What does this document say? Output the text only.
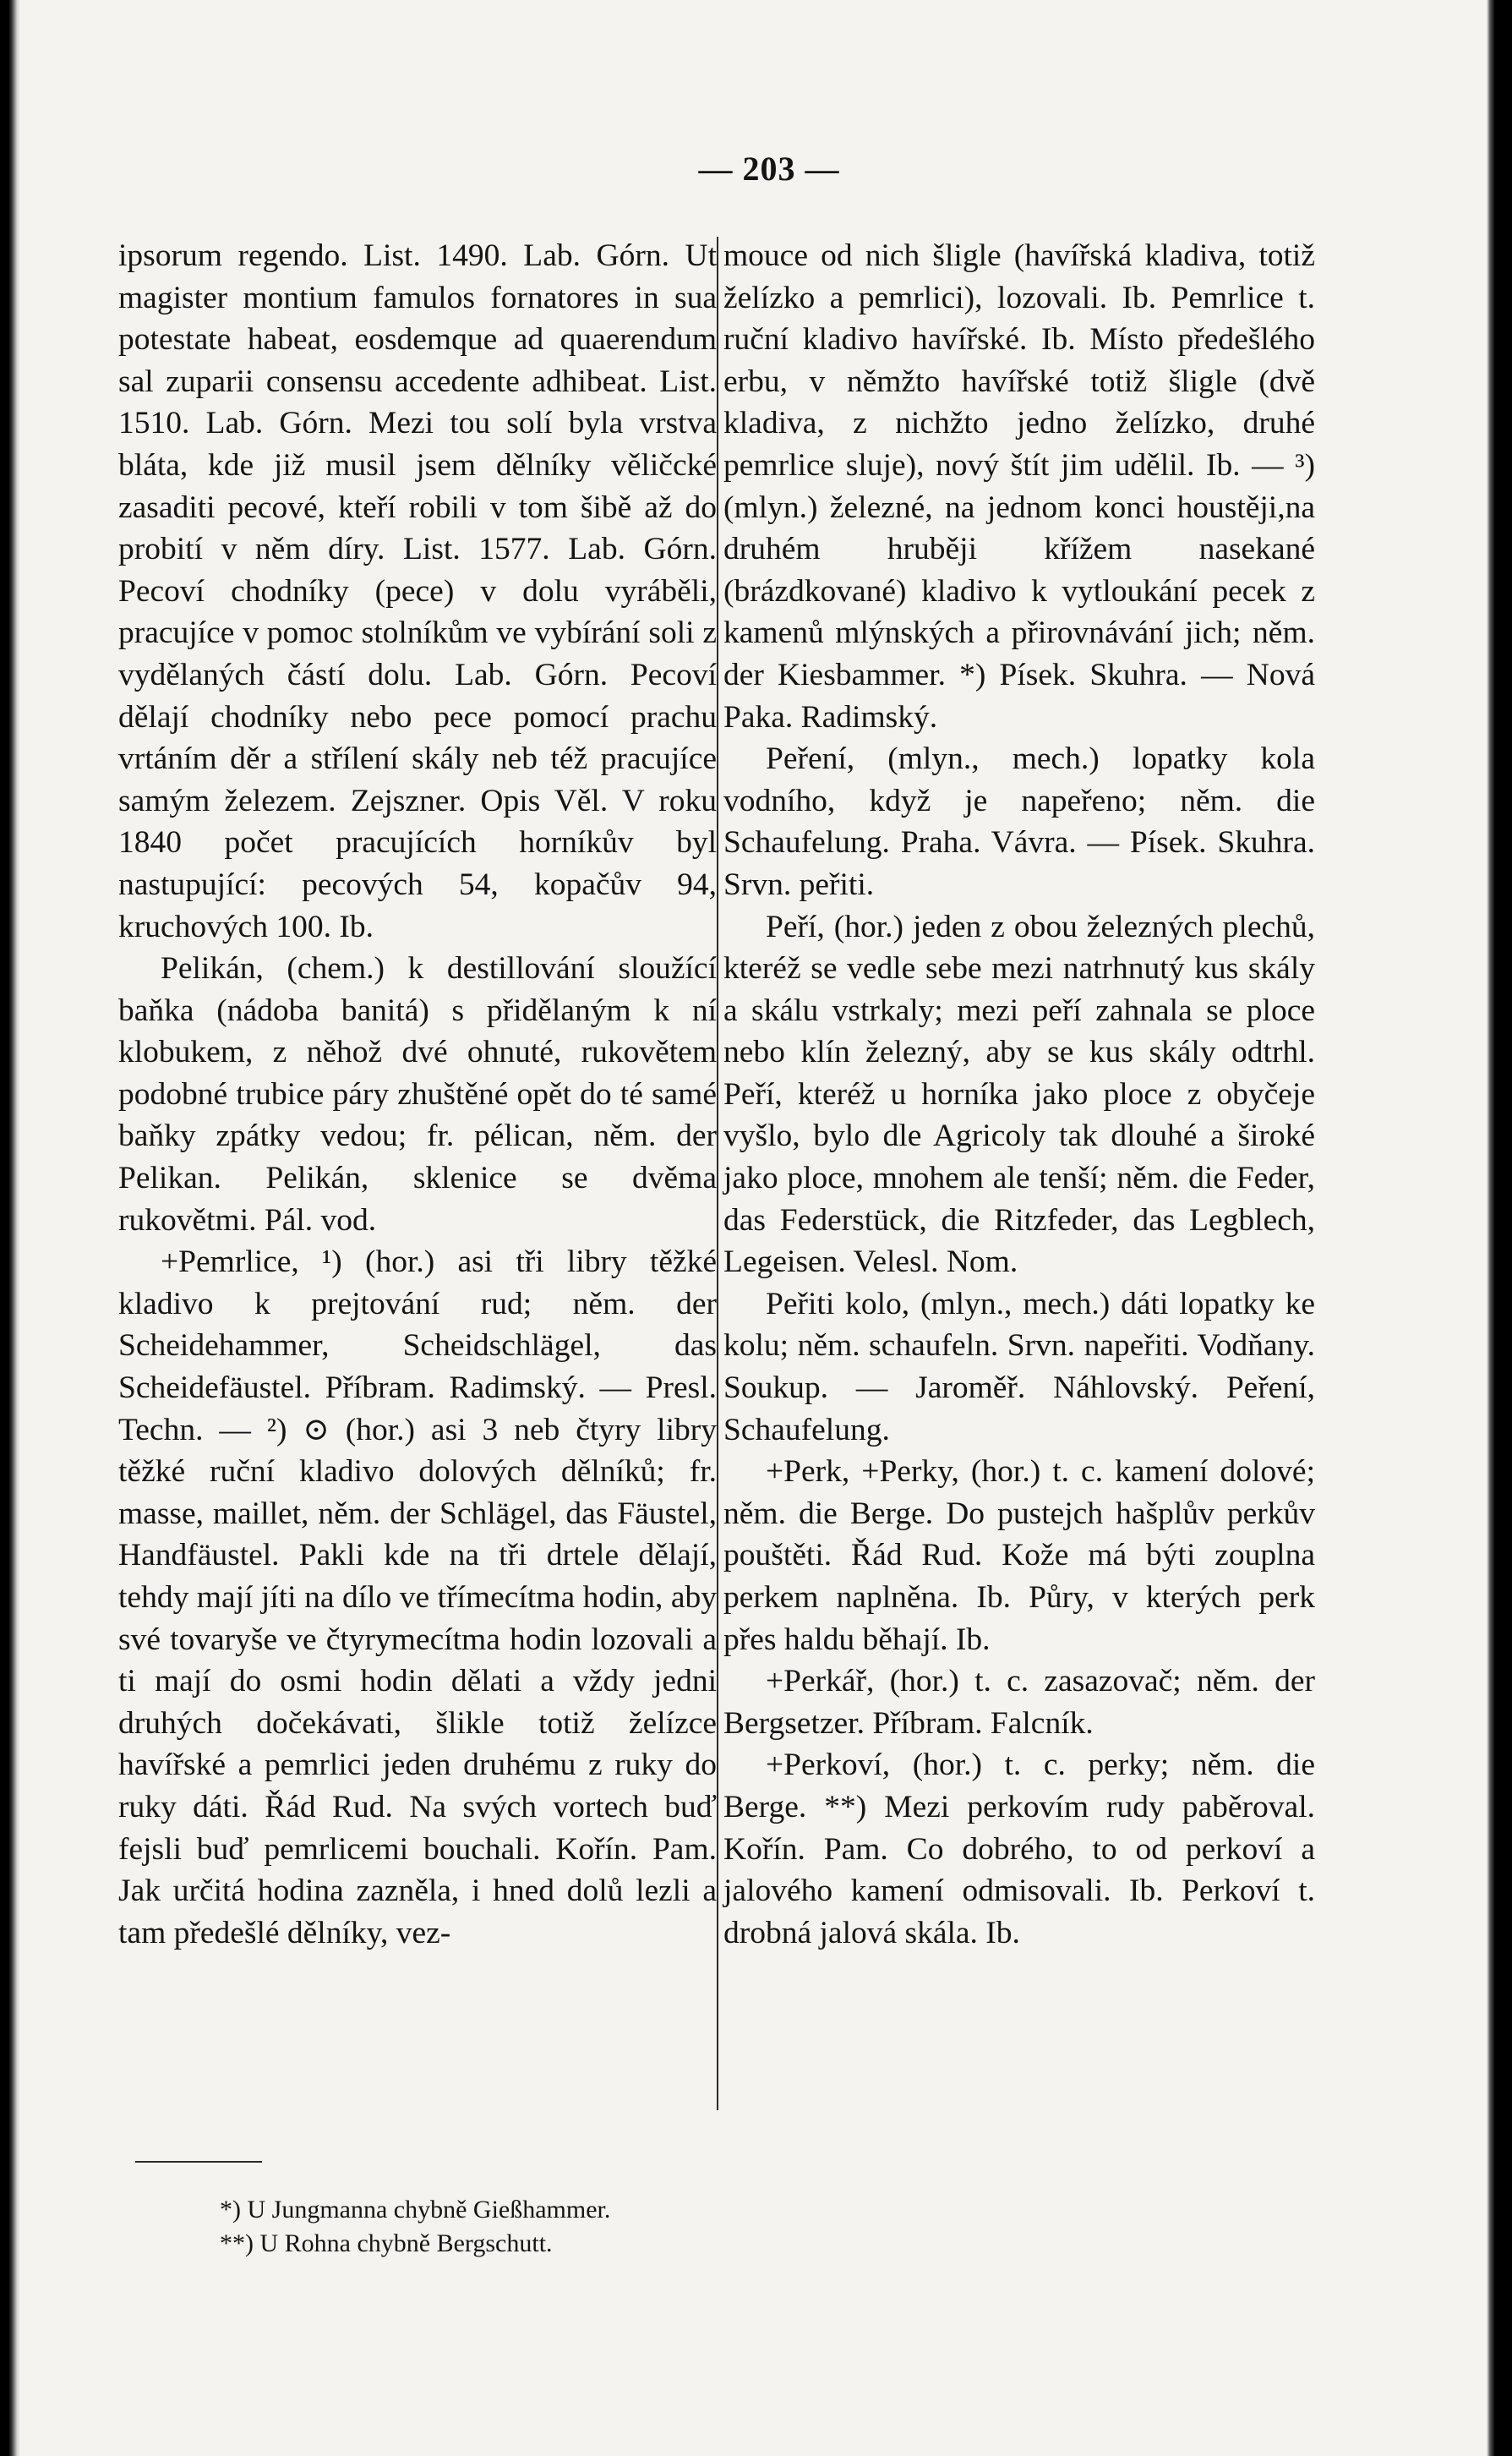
— 203 —

ipsorum regendo. List. 1490. Lab. Górn. Ut magister montium famulos fornatores in sua potestate habeat, eosdemque ad quaerendum sal zuparii consensu accedente adhibeat. List. 1510. Lab. Górn. Mezi tou solí byla vrstva bláta, kde již musil jsem dělníky věličcké zasaditi pecové, kteří robili v tom šibě až do probití v něm díry. List. 1577. Lab. Górn. Pecoví chodníky (pece) v dolu vyráběli, pracujíce v pomoc stolníkům ve vybírání soli z vydělaných částí dolu. Lab. Górn. Pecoví dělají chodníky nebo pece pomocí prachu vrtáním děr a střílení skály neb též pracujíce samým železem. Zejszner. Opis Věl. V roku 1840 počet pracujících horníkův byl nastupující: pecových 54, kopačův 94, kruchových 100. Ib.

Pelikán, (chem.) k destillování sloužící baňka (nádoba banitá) s přidělaným k ní klobukem, z něhož dvé ohnuté, rukovětem podobné trubice páry zhuštěné opět do té samé baňky zpátky vedou; fr. pélican, něm. der Pelikan. Pelikán, sklenice se dvěma rukovětmi. Pál. vod.

+Pemrlice, ¹) (hor.) asi tři libry těžké kladivo k prejtování rud; něm. der Scheidehammer, Scheidschlägel, das Scheidefäustel. Příbram. Radimský. — Presl. Techn. — ²) ⊙ (hor.) asi 3 neb čtyry libry těžké ruční kladivo dolových dělníků; fr. masse, maillet, něm. der Schlägel, das Fäustel, Handfäustel. Pakli kde na tři drtele dělají, tehdy mají jíti na dílo ve třímecítma hodin, aby své tovaryše ve čtyrymecítma hodin lozovali a ti mají do osmi hodin dělati a vždy jedni druhých dočekávati, šlikle totiž želízce havířské a pemrlici jeden druhému z ruky do ruky dáti. Řád Rud. Na svých vortech buď fejsli buď pemrlicemi bouchali. Kořín. Pam. Jak určitá hodina zazněla, i hned dolů lezli a tam předešlé dělníky, vez-

mouce od nich šligle (havířská kladiva, totiž želízko a pemrlici), lozovali. Ib. Pemrlice t. ruční kladivo havířské. Ib. Místo předešlého erbu, v němžto havířské totiž šligle (dvě kladiva, z nichžto jedno želízko, druhé pemrlice sluje), nový štít jim udělil. Ib. — ³) (mlyn.) železné, na jednom konci houstěji,na druhém hruběji křížem nasekané (brázdkované) kladivo k vytloukání pecek z kamenů mlýnských a přirovnávání jich; něm. der Kiesbammer. *) Písek. Skuhra. — Nová Paka. Radimský.

Peření, (mlyn., mech.) lopatky kola vodního, když je napeřeno; něm. die Schaufelung. Praha. Vávra. — Písek. Skuhra. Srvn. peřiti.

Peří, (hor.) jeden z obou železných plechů, kteréž se vedle sebe mezi natrhnutý kus skály a skálu vstrkaly; mezi peří zahnala se ploce nebo klín železný, aby se kus skály odtrhl. Peří, kteréž u horníka jako ploce z obyčeje vyšlo, bylo dle Agricoly tak dlouhé a široké jako ploce, mnohem ale tenší; něm. die Feder, das Federstück, die Ritzfeder, das Legblech, Legeisen. Velesl. Nom.

Peřiti kolo, (mlyn., mech.) dáti lopatky ke kolu; něm. schaufeln. Srvn. napeřiti. Vodňany. Soukup. — Jaroměř. Náhlovský. Peření, Schaufelung.

+Perk, +Perky, (hor.) t. c. kamení dolové; něm. die Berge. Do pustejch hašplův perkův pouštěti. Řád Rud. Kože má býti zouplna perkem naplněna. Ib. Půry, v kterých perk přes haldu běhají. Ib.

+Perkář, (hor.) t. c. zasazovač; něm. der Bergsetzer. Příbram. Falcník.

+Perkoví, (hor.) t. c. perky; něm. die Berge. **) Mezi perkovím rudy paběroval. Kořín. Pam. Co dobrého, to od perkoví a jalového kamení odmisovali. Ib. Perkoví t. drobná jalová skála. Ib.

*) U Jungmanna chybně Gießhammer.
**) U Rohna chybně Bergschutt.
